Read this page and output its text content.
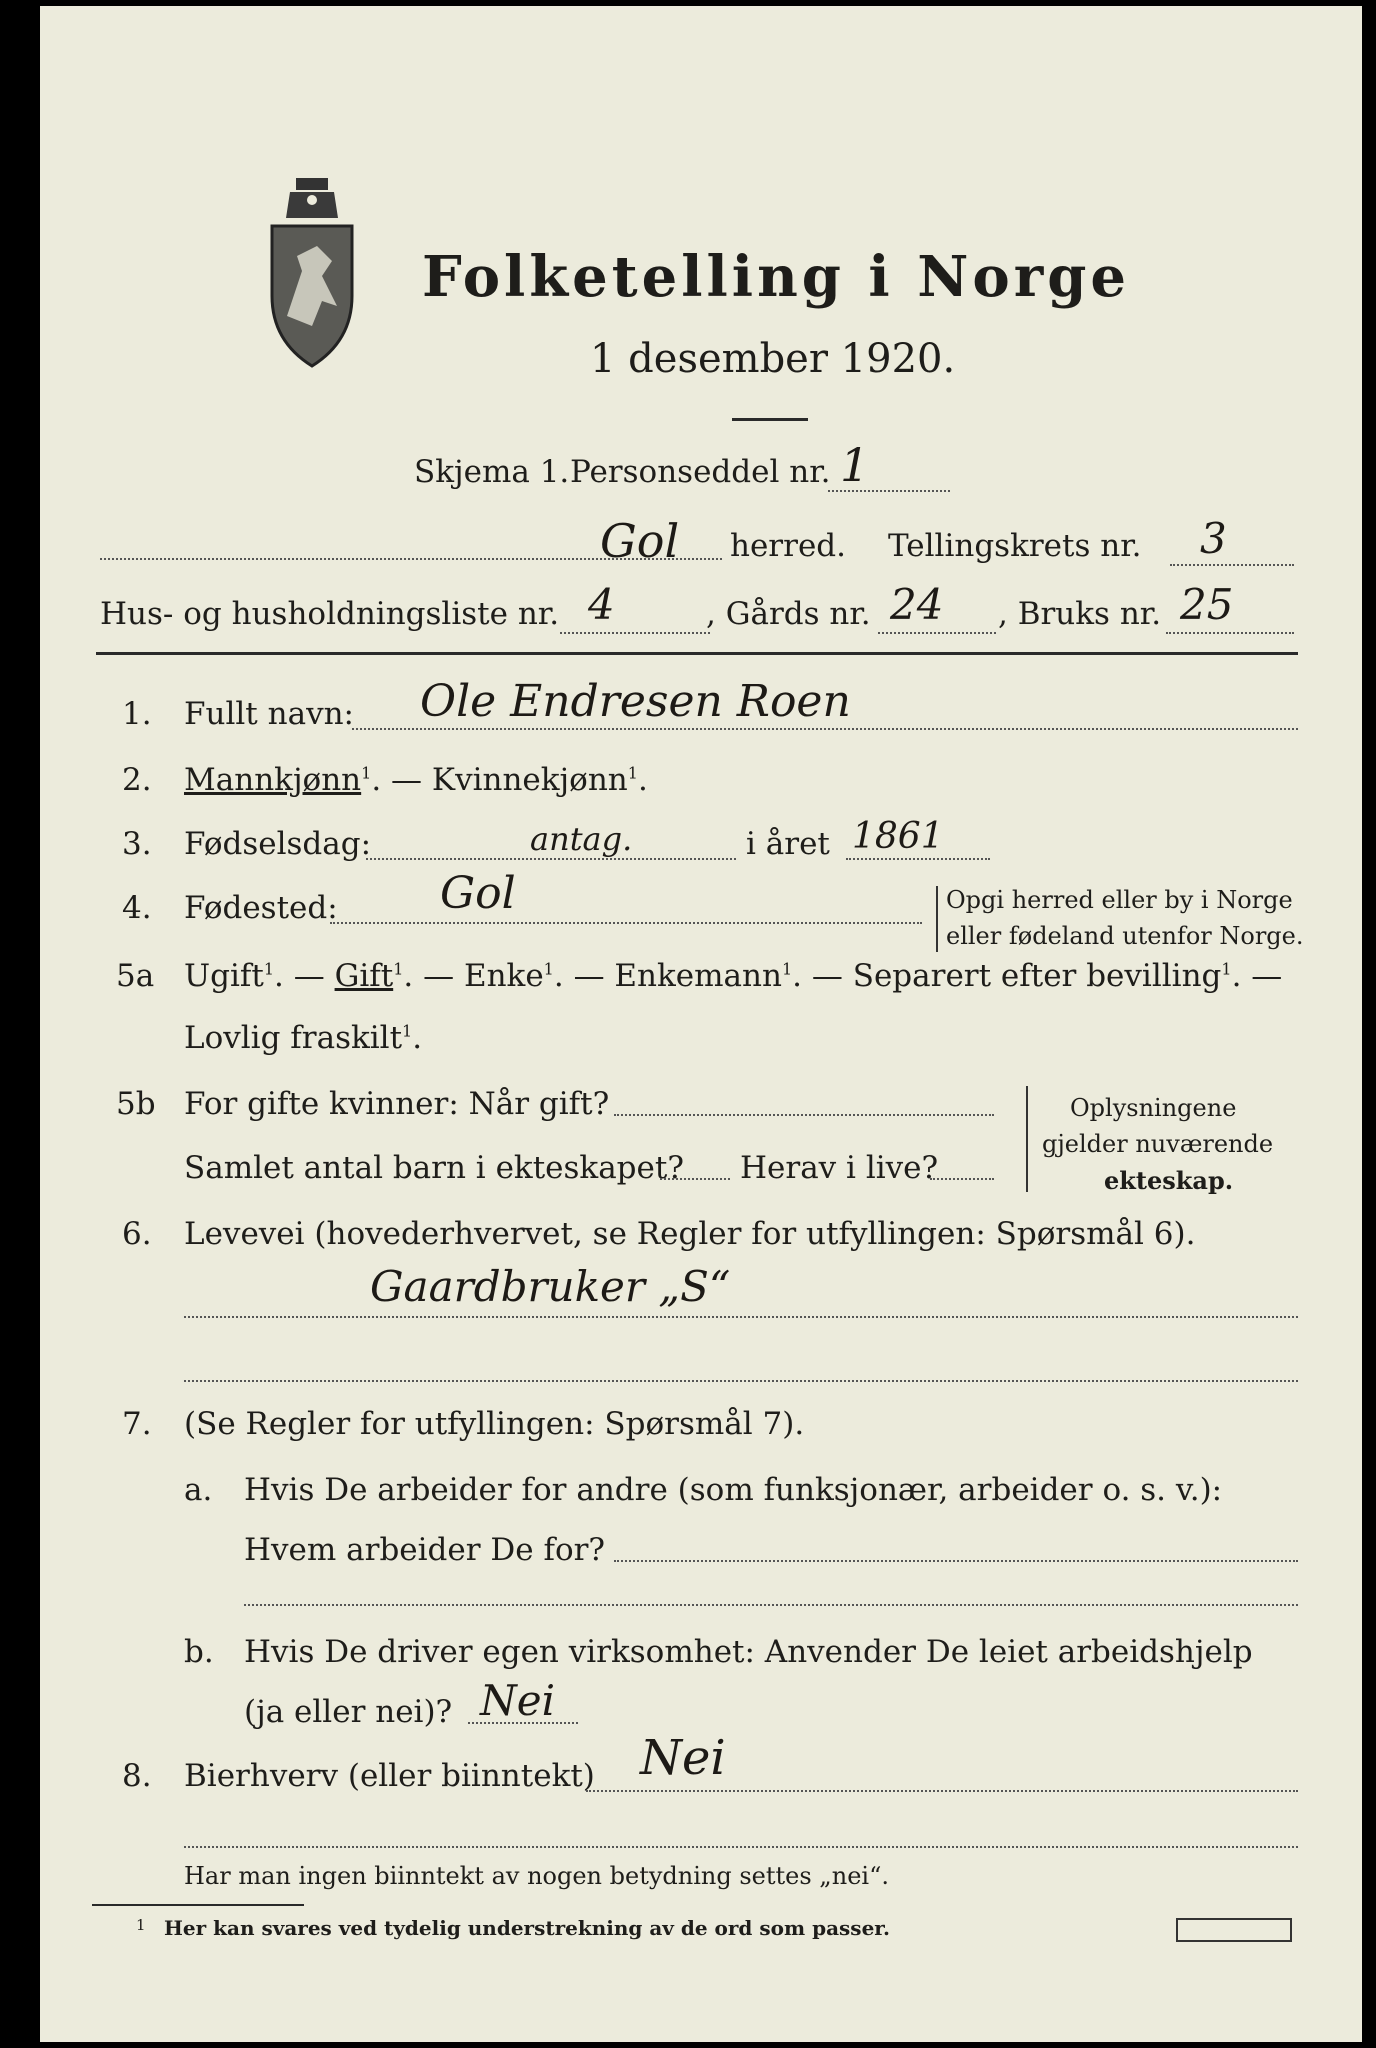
Folketelling i Norge
1 desember 1920.
Skjema 1. Personseddel nr. 1
Gol herred. Tellingskrets nr. 3
Hus- og husholdningsliste nr. 4	, Gårds nr. 24 , Bruks nr. 25
1. Fullt navn: Ole Endresen Roen
2. Mannkjønn$^1$. — Kvinnekjønn$^1$.
3. Fødselsdag:	antag.	i året 1861
4. Fødested: Gol	Opgi herred eller by i Norge
eller fødeland utenfor Norge.
5a Ugift$^1$. — Gift$^1$. — Enke$^1$. — Enkemann$^1$. — Separert efter bevilling$^1$. —
Lovlig fraskilt$^1$.
5b For gifte kvinner: Når gift?
Samlet antal barn i ekteskapet? Herav i live?
Oplysningene
gjelder nuværende
ekteskap.
6. Levevei (hovederhvervet, se Regler for utfyllingen: Spørsmål 6).
Gaardbruker „S“
7. (Se Regler for utfyllingen: Spørsmål 7).
a. Hvis De arbeider for andre (som funksjonær, arbeider o. s. v.):
Hvem arbeider De for?
b. Hvis De driver egen virksomhet: Anvender De leiet arbeidshjelp
(ja eller nei)? Nei
8. Bierhverv (eller biinntekt) Nei
Har man ingen biinntekt av nogen betydning settes „nei“.
1 Her kan svares ved tydelig understrekning av de ord som passer.
